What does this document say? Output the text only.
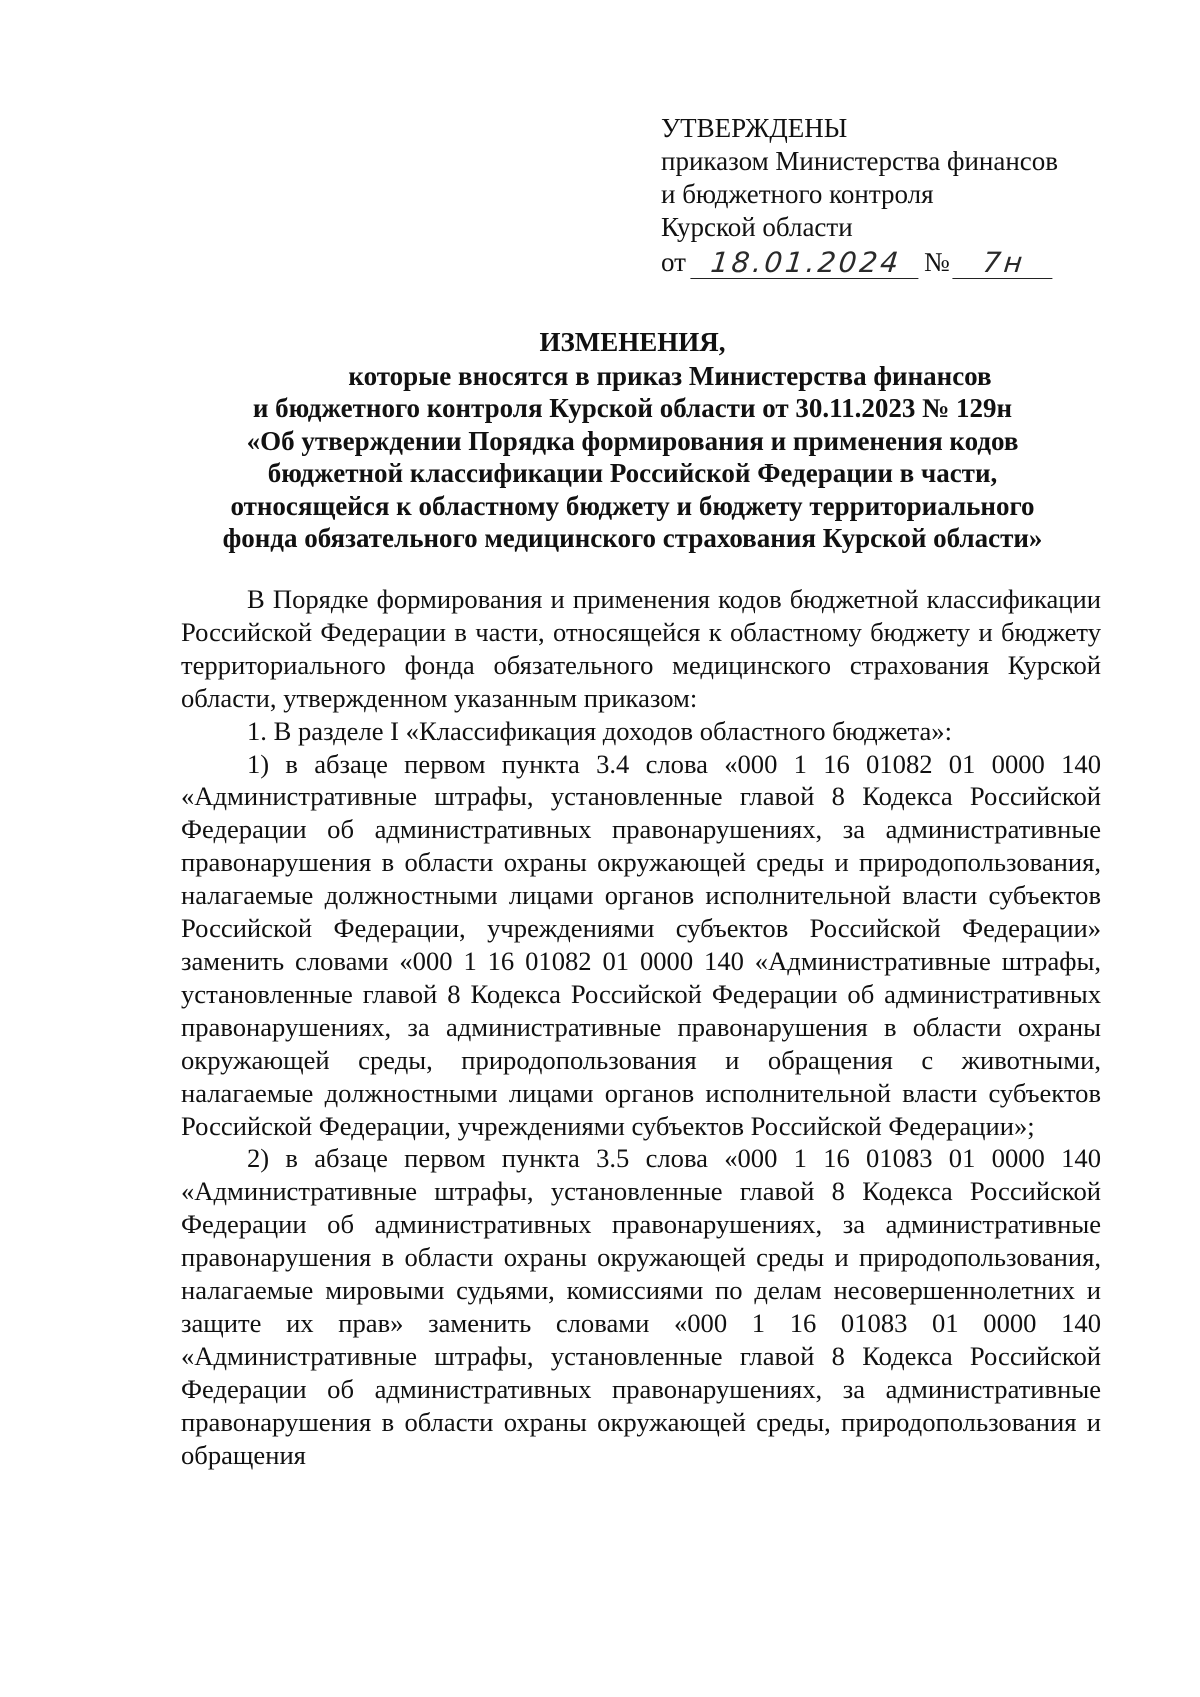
УТВЕРЖДЕНЫ
приказом Министерства финансов
и бюджетного контроля
Курской области
от 18.01.2024 №	7н
ИЗМЕНЕНИЯ,
которые вносятся в приказ Министерства финансов
и бюджетного контроля Курской области от 30.11.2023 № 129н
«Об утверждении Порядка формирования и применения кодов
бюджетной классификации Российской Федерации в части,
относящейся к областному бюджету и бюджету территориального
фонда обязательного медицинского страхования Курской области»

В Порядке формирования и применения кодов бюджетной классификации Российской Федерации в части, относящейся к областному бюджету и бюджету территориального фонда обязательного медицинского страхования Курской области, утвержденном указанным приказом:

1. В разделе I «Классификация доходов областного бюджета»:

1) в абзаце первом пункта 3.4 слова «000 1 16 01082 01 0000 140 «Административные штрафы, установленные главой 8 Кодекса Российской Федерации об административных правонарушениях, за административные правонарушения в области охраны окружающей среды и природопользования, налагаемые должностными лицами органов исполнительной власти субъектов Российской Федерации, учреждениями субъектов Российской Федерации» заменить словами «000 1 16 01082 01 0000 140 «Административные штрафы, установленные главой 8 Кодекса Российской Федерации об административных правонарушениях, за административные правонарушения в области охраны окружающей среды, природопользования и обращения с животными, налагаемые должностными лицами органов исполнительной власти субъектов Российской Федерации, учреждениями субъектов Российской Федерации»;

2) в абзаце первом пункта 3.5 слова «000 1 16 01083 01 0000 140 «Административные штрафы, установленные главой 8 Кодекса Российской Федерации об административных правонарушениях, за административные правонарушения в области охраны окружающей среды и природопользования, налагаемые мировыми судьями, комиссиями по делам несовершеннолетних и защите их прав» заменить словами «000 1 16 01083 01 0000 140 «Административные штрафы, установленные главой 8 Кодекса Российской Федерации об административных правонарушениях, за административные правонарушения в области охраны окружающей среды, природопользования и обращения
